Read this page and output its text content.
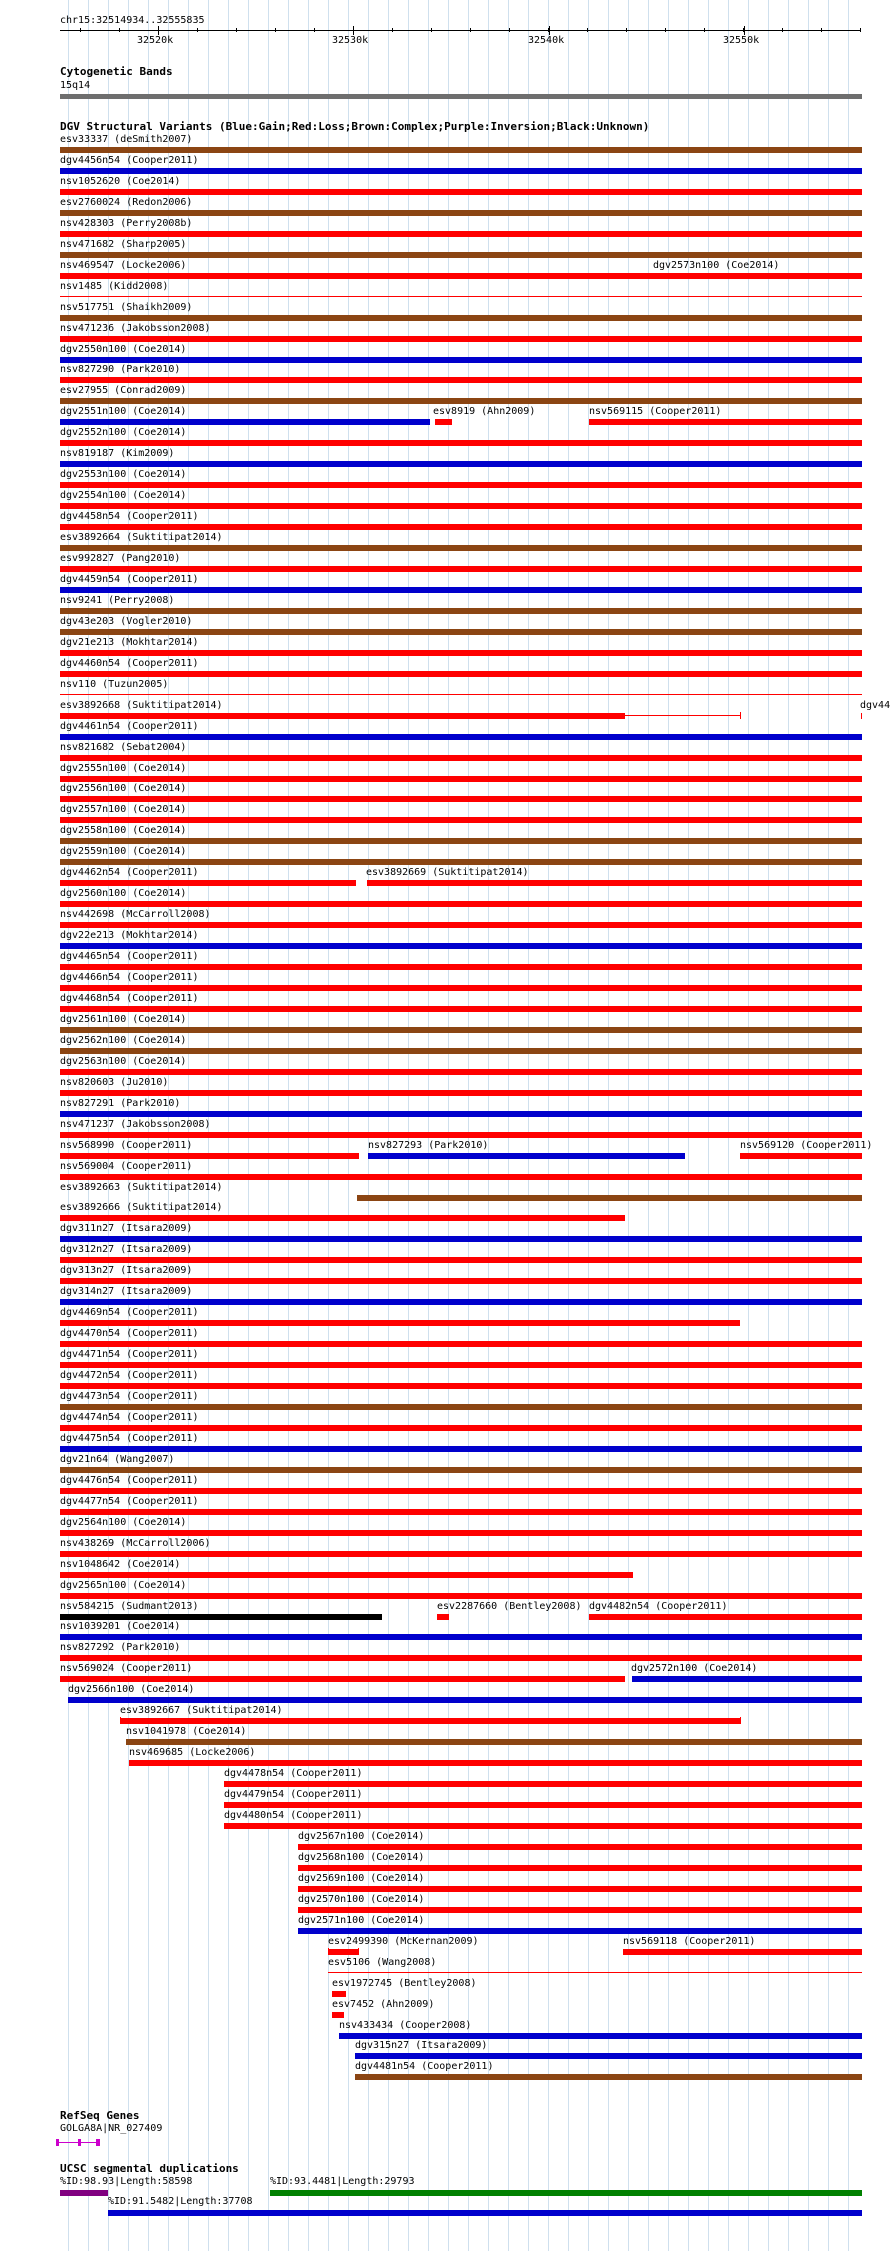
chr15:32514934..32555835
32520k	32530k	32540k	32550k
Cytogenetic Bands
15q14
DGV Structural Variants (Blue:Gain;Red:Loss;Brown:Complex;Purple:Inversion;Black:Unknown)
esv33337 (deSmith2007)
dgv4456n54 (Cooper2011)
nsv1052620 (Coe2014)
esv2760024 (Redon2006)
nsv428303 (Perry2008b)
nsv471682 (Sharp2005)
nsv469547 (Locke2006)	dgv2573n100 (Coe2014)
nsv1485 (Kidd2008)
nsv517751 (Shaikh2009)
nsv471236 (Jakobsson2008)
dgv2550n100 (Coe2014)
nsv827290 (Park2010)
esv27955 (Conrad2009)
dgv2551n100 (Coe2014)	esv8919 (Ahn2009)	nsv569115 (Cooper2011)
dgv2552n100 (Coe2014)
nsv819187 (Kim2009)
dgv2553n100 (Coe2014)
dgv2554n100 (Coe2014)
dgv4458n54 (Cooper2011)
esv3892664 (Suktitipat2014)
esv992827 (Pang2010)
dgv4459n54 (Cooper2011)
nsv9241 (Perry2008)
dgv43e203 (Vogler2010)
dgv21e213 (Mokhtar2014)
dgv4460n54 (Cooper2011)
nsv110 (Tuzun2005)
esv3892668 (Suktitipat2014)	dgv44
dgv4461n54 (Cooper2011)
nsv821682 (Sebat2004)
dgv2555n100 (Coe2014)
dgv2556n100 (Coe2014)
dgv2557n100 (Coe2014)
dgv2558n100 (Coe2014)
dgv2559n100 (Coe2014)
dgv4462n54 (Cooper2011)	esv3892669 (Suktitipat2014)
dgv2560n100 (Coe2014)
nsv442698 (McCarroll2008)
dgv22e213 (Mokhtar2014)
dgv4465n54 (Cooper2011)
dgv4466n54 (Cooper2011)
dgv4468n54 (Cooper2011)
dgv2561n100 (Coe2014)
dgv2562n100 (Coe2014)
dgv2563n100 (Coe2014)
nsv820603 (Ju2010)
nsv827291 (Park2010)
nsv471237 (Jakobsson2008)
nsv568990 (Cooper2011)	nsv827293 (Park2010)	nsv569120 (Cooper2011)
nsv569004 (Cooper2011)
esv3892663 (Suktitipat2014)
esv3892666 (Suktitipat2014)
dgv311n27 (Itsara2009)
dgv312n27 (Itsara2009)
dgv313n27 (Itsara2009)
dgv314n27 (Itsara2009)
dgv4469n54 (Cooper2011)
dgv4470n54 (Cooper2011)
dgv4471n54 (Cooper2011)
dgv4472n54 (Cooper2011)
dgv4473n54 (Cooper2011)
dgv4474n54 (Cooper2011)
dgv4475n54 (Cooper2011)
dgv21n64 (Wang2007)
dgv4476n54 (Cooper2011)
dgv4477n54 (Cooper2011)
dgv2564n100 (Coe2014)
nsv438269 (McCarroll2006)
nsv1048642 (Coe2014)
dgv2565n100 (Coe2014)
nsv584215 (Sudmant2013)	esv2287660 (Bentley2008) dgv4482n54 (Cooper2011)
nsv1039201 (Coe2014)
nsv827292 (Park2010)
nsv569024 (Cooper2011)	dgv2572n100 (Coe2014)
dgv2566n100 (Coe2014)
esv3892667 (Suktitipat2014)
nsv1041978 (Coe2014)
nsv469685 (Locke2006)
dgv4478n54 (Cooper2011)
dgv4479n54 (Cooper2011)
dgv4480n54 (Cooper2011)
dgv2567n100 (Coe2014)
dgv2568n100 (Coe2014)
dgv2569n100 (Coe2014)
dgv2570n100 (Coe2014)
dgv2571n100 (Coe2014)
esv2499390 (McKernan2009)	nsv569118 (Cooper2011)
esv5106 (Wang2008)
esv1972745 (Bentley2008)
esv7452 (Ahn2009)
nsv433434 (Cooper2008)
dgv315n27 (Itsara2009)
dgv4481n54 (Cooper2011)
RefSeq Genes
GOLGA8A|NR_027409
UCSC segmental duplications
%ID:98.93|Length:58598	%ID:93.4481|Length:29793
%ID:91.5482|Length:37708
